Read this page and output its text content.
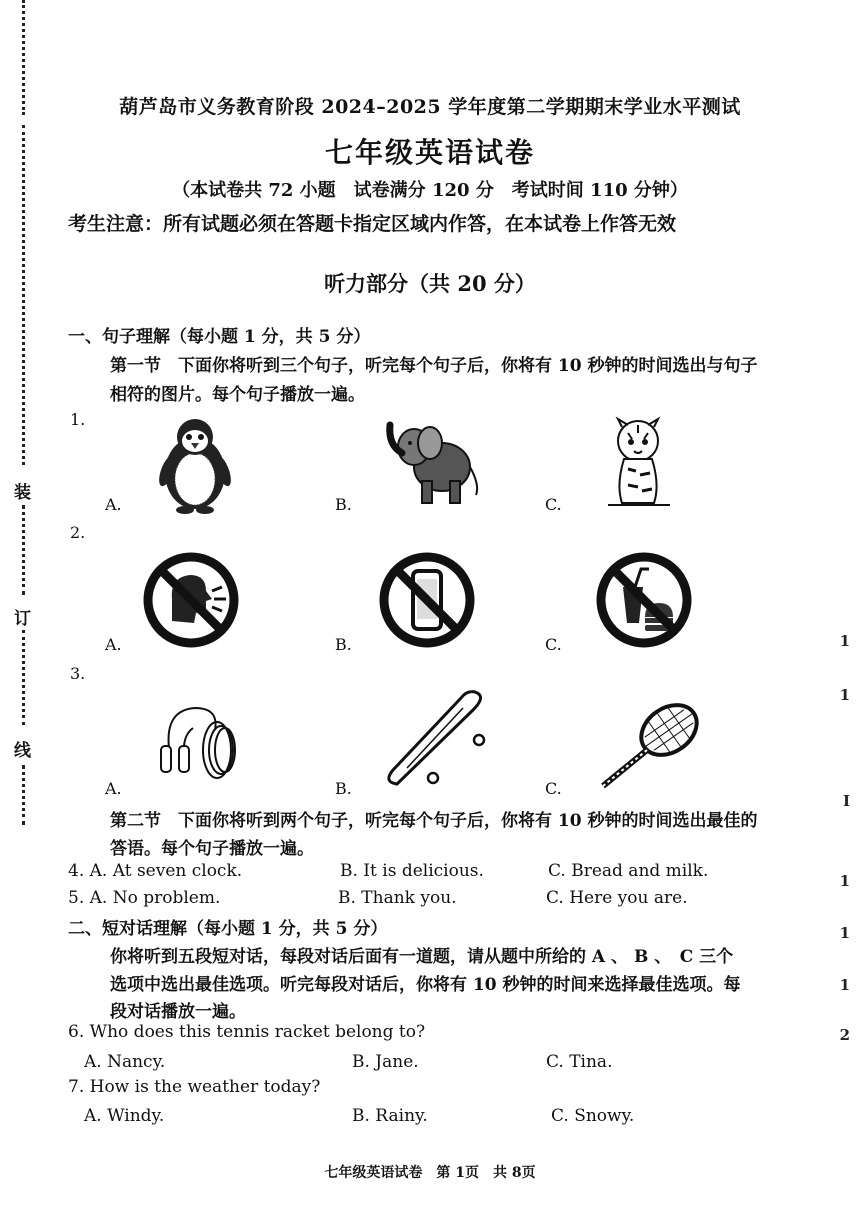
装
订
线
1
1
I
1
1
1
2
葫芦岛市义务教育阶段 2024–2025 学年度第二学期期末学业水平测试
七年级英语试卷
（本试卷共 72 小题　试卷满分 120 分　考试时间 110 分钟）
考生注意：所有试题必须在答题卡指定区域内作答，在本试卷上作答无效
听力部分（共 20 分）
一、句子理解（每小题 1 分，共 5 分）
第一节　下面你将听到三个句子，听完每个句子后，你将有 10 秒钟的时间选出与句子
相符的图片。每个句子播放一遍。
1.
A.	B.	C.
2.
A.	B.	C.
3.
A.	B.	C.
第二节　下面你将听到两个句子，听完每个句子后，你将有 10 秒钟的时间选出最佳的
答语。每个句子播放一遍。
4. A. At seven clock.	B. It is delicious.	C. Bread and milk.
5. A. No problem.	B. Thank you.	C. Here you are.
二、短对话理解（每小题 1 分，共 5 分）
你将听到五段短对话，每段对话后面有一道题，请从题中所给的 A 、 B 、　C 三个
选项中选出最佳选项。听完每段对话后，你将有 10 秒钟的时间来选择最佳选项。每
段对话播放一遍。
6. Who does this tennis racket belong to?
A. Nancy.	B. Jane.	C. Tina.
7. How is the weather today?
A. Windy.	B. Rainy.	C. Snowy.
七年级英语试卷　第 1页　共 8页
